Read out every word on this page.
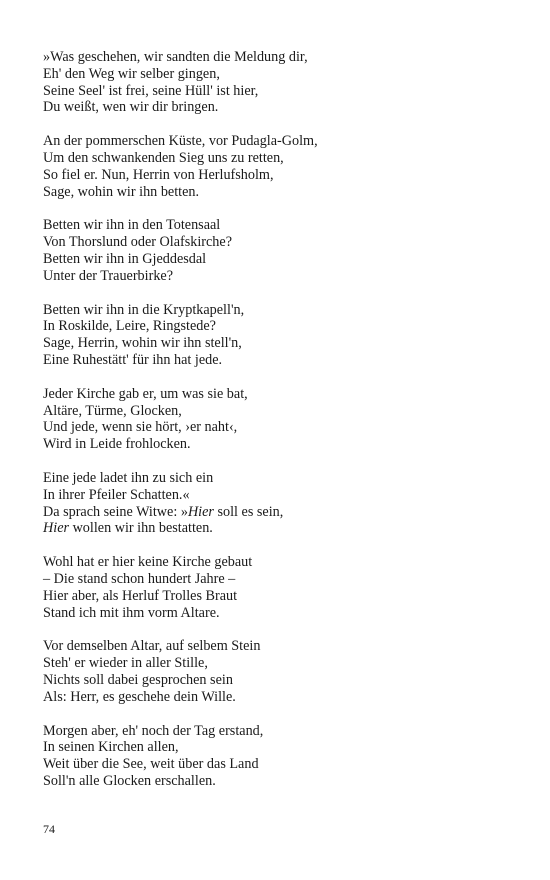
»Was geschehen, wir sandten die Meldung dir,
Eh' den Weg wir selber gingen,
Seine Seel' ist frei, seine Hüll' ist hier,
Du weißt, wen wir dir bringen.
An der pommerschen Küste, vor Pudagla-Golm,
Um den schwankenden Sieg uns zu retten,
So fiel er. Nun, Herrin von Herlufsholm,
Sage, wohin wir ihn betten.
Betten wir ihn in den Totensaal
Von Thorslund oder Olafskirche?
Betten wir ihn in Gjeddesdal
Unter der Trauerbirke?
Betten wir ihn in die Kryptkapell'n,
In Roskilde, Leire, Ringstede?
Sage, Herrin, wohin wir ihn stell'n,
Eine Ruhestätt' für ihn hat jede.
Jeder Kirche gab er, um was sie bat,
Altäre, Türme, Glocken,
Und jede, wenn sie hört, ›er naht‹,
Wird in Leide frohlocken.
Eine jede ladet ihn zu sich ein
In ihrer Pfeiler Schatten.«
Da sprach seine Witwe: »Hier soll es sein,
Hier wollen wir ihn bestatten.
Wohl hat er hier keine Kirche gebaut
– Die stand schon hundert Jahre –
Hier aber, als Herluf Trolles Braut
Stand ich mit ihm vorm Altare.
Vor demselben Altar, auf selbem Stein
Steh' er wieder in aller Stille,
Nichts soll dabei gesprochen sein
Als: Herr, es geschehe dein Wille.
Morgen aber, eh' noch der Tag erstand,
In seinen Kirchen allen,
Weit über die See, weit über das Land
Soll'n alle Glocken erschallen.
74
